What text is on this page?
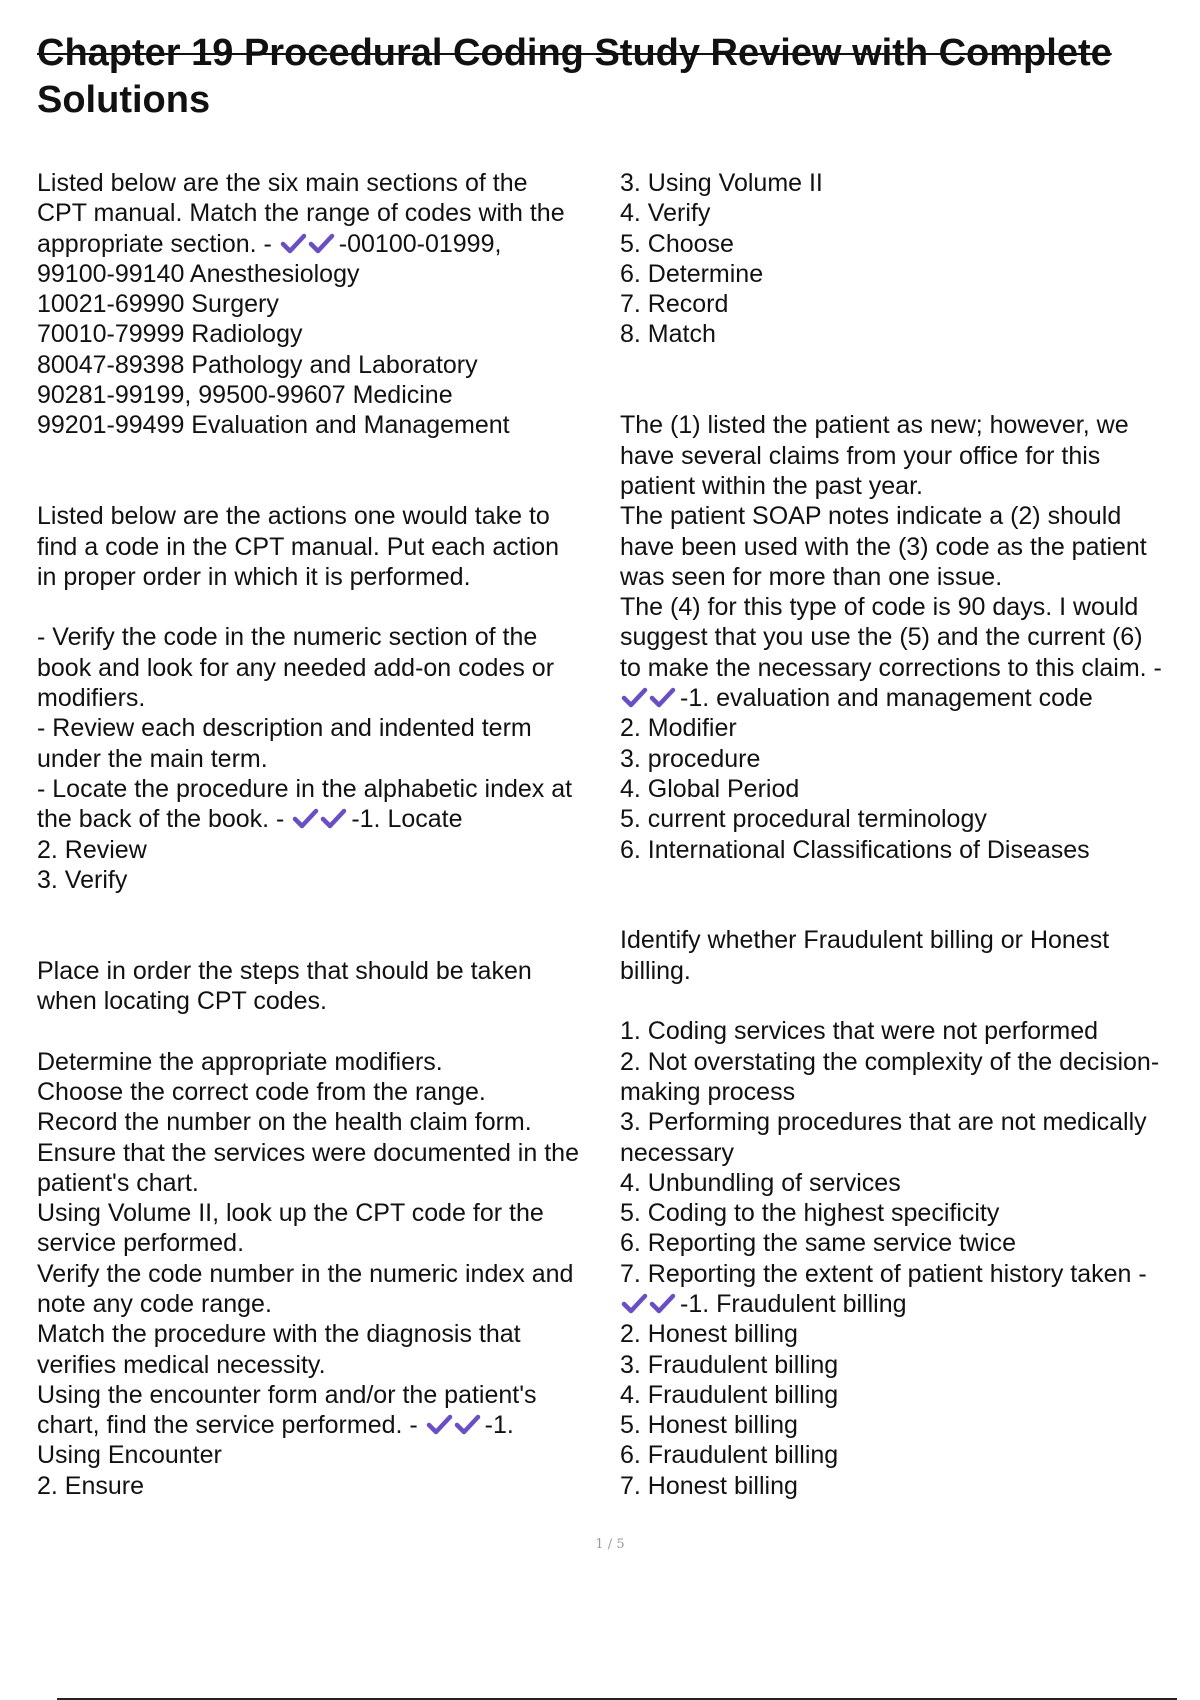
Chapter 19 Procedural Coding Study Review with Complete
Solutions
Listed below are the six main sections of the
CPT manual. Match the range of codes with the
appropriate section. - -00100-01999,
99100-99140 Anesthesiology
10021-69990 Surgery
70010-79999 Radiology
80047-89398 Pathology and Laboratory
90281-99199, 99500-99607 Medicine
99201-99499 Evaluation and Management
Listed below are the actions one would take to
find a code in the CPT manual. Put each action
in proper order in which it is performed.
- Verify the code in the numeric section of the
book and look for any needed add-on codes or
modifiers.
- Review each description and indented term
under the main term.
- Locate the procedure in the alphabetic index at
the back of the book. - -1. Locate
2. Review
3. Verify
Place in order the steps that should be taken
when locating CPT codes.
Determine the appropriate modifiers.
Choose the correct code from the range.
Record the number on the health claim form.
Ensure that the services were documented in the
patient's chart.
Using Volume II, look up the CPT code for the
service performed.
Verify the code number in the numeric index and
note any code range.
Match the procedure with the diagnosis that
verifies medical necessity.
Using the encounter form and/or the patient's
chart, find the service performed. - -1.
Using Encounter
2. Ensure
3. Using Volume II
4. Verify
5. Choose
6. Determine
7. Record
8. Match
The (1) listed the patient as new; however, we
have several claims from your office for this
patient within the past year.
The patient SOAP notes indicate a (2) should
have been used with the (3) code as the patient
was seen for more than one issue.
The (4) for this type of code is 90 days. I would
suggest that you use the (5) and the current (6)
to make the necessary corrections to this claim. -
-1. evaluation and management code
2. Modifier
3. procedure
4. Global Period
5. current procedural terminology
6. International Classifications of Diseases
Identify whether Fraudulent billing or Honest
billing.
1. Coding services that were not performed
2. Not overstating the complexity of the decision-
making process
3. Performing procedures that are not medically
necessary
4. Unbundling of services
5. Coding to the highest specificity
6. Reporting the same service twice
7. Reporting the extent of patient history taken -
-1. Fraudulent billing
2. Honest billing
3. Fraudulent billing
4. Fraudulent billing
5. Honest billing
6. Fraudulent billing
7. Honest billing
1 / 5
